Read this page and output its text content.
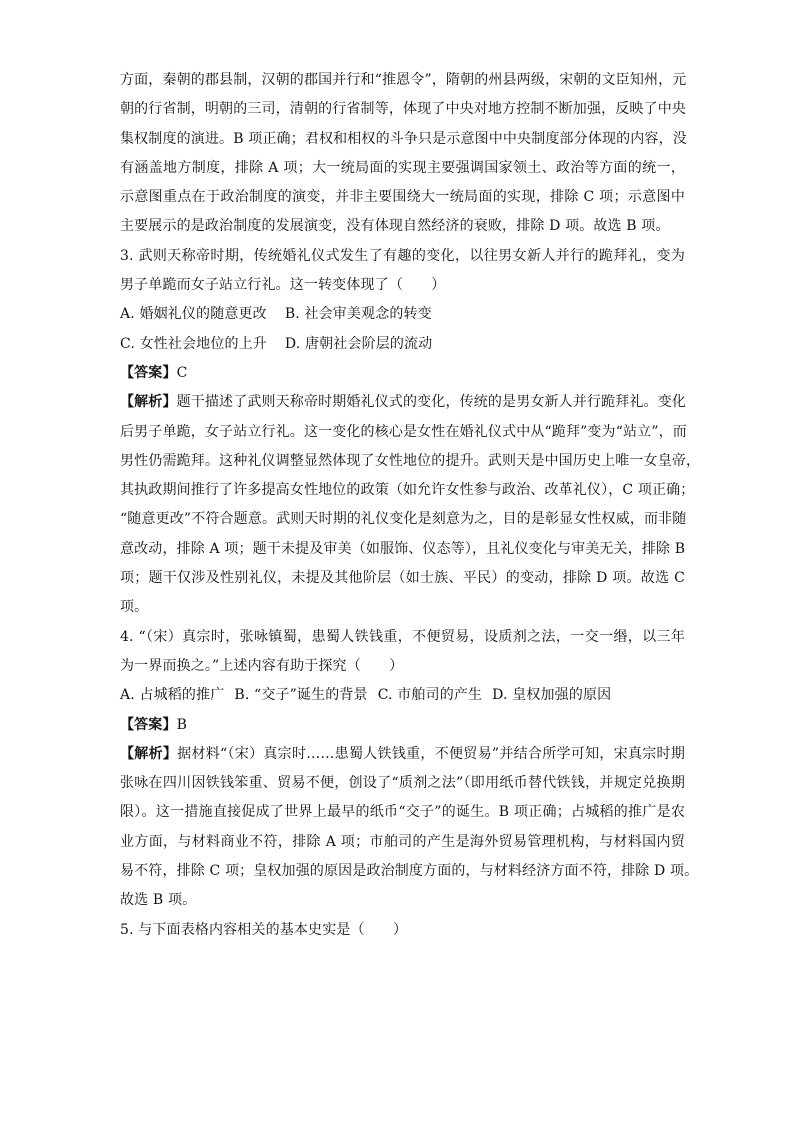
方面，秦朝的郡县制，汉朝的郡国并行和“推恩令”，隋朝的州县两级，宋朝的文臣知州，元
朝的行省制，明朝的三司，清朝的行省制等，体现了中央对地方控制不断加强，反映了中央
集权制度的演进。B 项正确；君权和相权的斗争只是示意图中中央制度部分体现的内容，没
有涵盖地方制度，排除 A 项；大一统局面的实现主要强调国家领土、政治等方面的统一，
示意图重点在于政治制度的演变，并非主要围绕大一统局面的实现，排除 C 项；示意图中
主要展示的是政治制度的发展演变，没有体现自然经济的衰败，排除 D 项。故选 B 项。
3. 武则天称帝时期，传统婚礼仪式发生了有趣的变化，以往男女新人并行的跪拜礼，变为
男子单跪而女子站立行礼。这一转变体现了（　　）
A. 婚姻礼仪的随意更改 B. 社会审美观念的转变
C. 女性社会地位的上升 D. 唐朝社会阶层的流动
【答案】C
【解析】题干描述了武则天称帝时期婚礼仪式的变化，传统的是男女新人并行跪拜礼。变化
后男子单跪，女子站立行礼。这一变化的核心是女性在婚礼仪式中从“跪拜”变为“站立”，而
男性仍需跪拜。这种礼仪调整显然体现了女性地位的提升。武则天是中国历史上唯一女皇帝，
其执政期间推行了许多提高女性地位的政策（如允许女性参与政治、改革礼仪），C 项正确；
“随意更改”不符合题意。武则天时期的礼仪变化是刻意为之，目的是彰显女性权威，而非随
意改动，排除 A 项；题干未提及审美（如服饰、仪态等），且礼仪变化与审美无关，排除 B
项；题干仅涉及性别礼仪，未提及其他阶层（如士族、平民）的变动，排除 D 项。故选 C
项。
4. “（宋）真宗时，张咏镇蜀，患蜀人铁钱重，不便贸易，设质剂之法，一交一缗，以三年
为一界而换之。”上述内容有助于探究（　　）
A. 占城稻的推广 B. “交子”诞生的背景 C. 市舶司的产生 D. 皇权加强的原因
【答案】B
【解析】据材料“（宋）真宗时……患蜀人铁钱重，不便贸易”并结合所学可知，宋真宗时期
张咏在四川因铁钱笨重、贸易不便，创设了“质剂之法”（即用纸币替代铁钱，并规定兑换期
限）。这一措施直接促成了世界上最早的纸币“交子”的诞生。B 项正确；占城稻的推广是农
业方面，与材料商业不符，排除 A 项；市舶司的产生是海外贸易管理机构，与材料国内贸
易不符，排除 C 项；皇权加强的原因是政治制度方面的，与材料经济方面不符，排除 D 项。
故选 B 项。
5. 与下面表格内容相关的基本史实是（　　）
